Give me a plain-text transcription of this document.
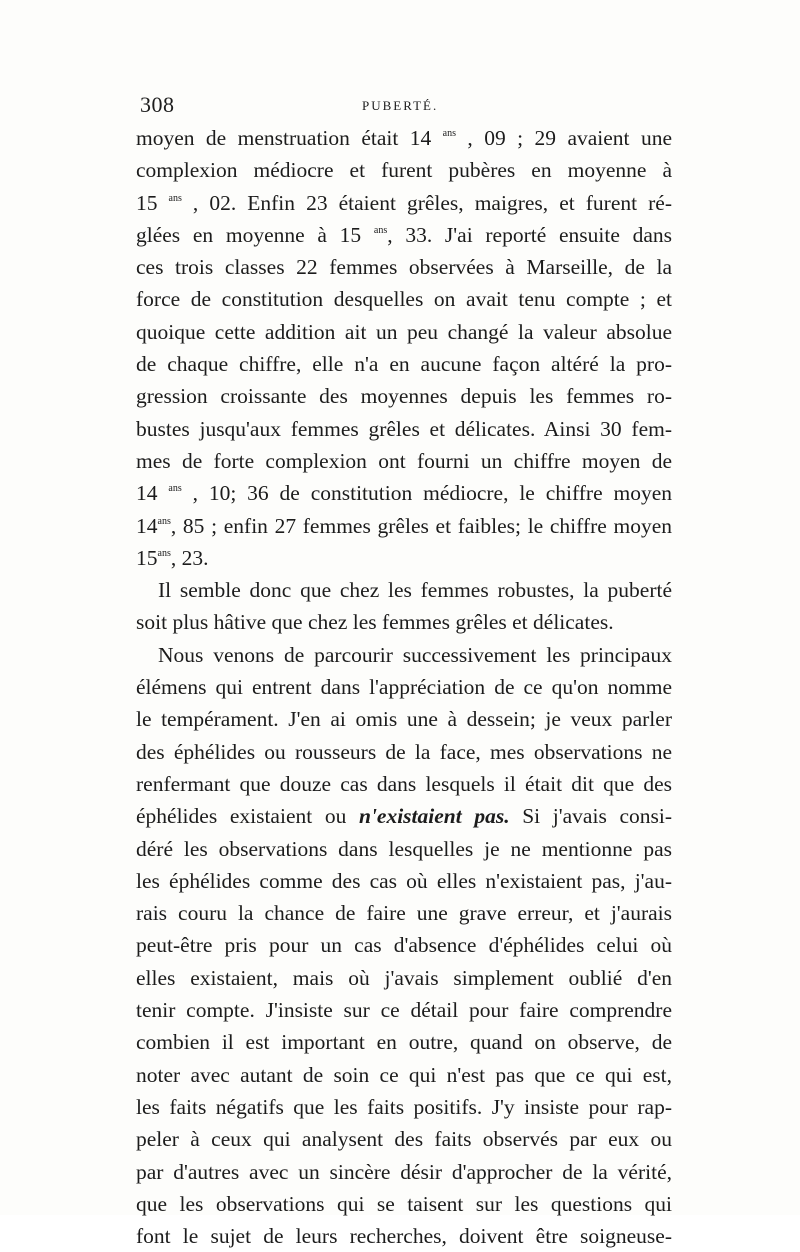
308	PUBERTÉ.
moyen de menstruation était 14 $^{ans}$ , 09 ; 29 avaient une
complexion médiocre et furent pubères en moyenne à
15 $^{ans}$ , 02. Enfin 23 étaient grêles, maigres, et furent ré-
glées en moyenne à 15 $^{ans}$, 33. J'ai reporté ensuite dans
ces trois classes 22 femmes observées à Marseille, de la
force de constitution desquelles on avait tenu compte ; et
quoique cette addition ait un peu changé la valeur absolue
de chaque chiffre, elle n'a en aucune façon altéré la pro-
gression croissante des moyennes depuis les femmes ro-
bustes jusqu'aux femmes grêles et délicates. Ainsi 30 fem-
mes de forte complexion ont fourni un chiffre moyen de
14 $^{ans}$ , 10; 36 de constitution médiocre, le chiffre moyen
$14^{ans}$, 85 ; enfin 27 femmes grêles et faibles; le chiffre moyen
$15^{ans}$, 23.
Il semble donc que chez les femmes robustes, la puberté
soit plus hâtive que chez les femmes grêles et délicates.
Nous venons de parcourir successivement les principaux
élémens qui entrent dans l'appréciation de ce qu'on nomme
le tempérament. J'en ai omis une à dessein; je veux parler
des éphélides ou rousseurs de la face, mes observations ne
renfermant que douze cas dans lesquels il était dit que des
éphélides existaient ou n'existaient pas. Si j'avais consi-
déré les observations dans lesquelles je ne mentionne pas
les éphélides comme des cas où elles n'existaient pas, j'au-
rais couru la chance de faire une grave erreur, et j'aurais
peut-être pris pour un cas d'absence d'éphélides celui où
elles existaient, mais où j'avais simplement oublié d'en
tenir compte. J'insiste sur ce détail pour faire comprendre
combien il est important en outre, quand on observe, de
noter avec autant de soin ce qui n'est pas que ce qui est,
les faits négatifs que les faits positifs. J'y insiste pour rap-
peler à ceux qui analysent des faits observés par eux ou
par d'autres avec un sincère désir d'approcher de la vérité,
que les observations qui se taisent sur les questions qui
font le sujet de leurs recherches, doivent être soigneuse-
